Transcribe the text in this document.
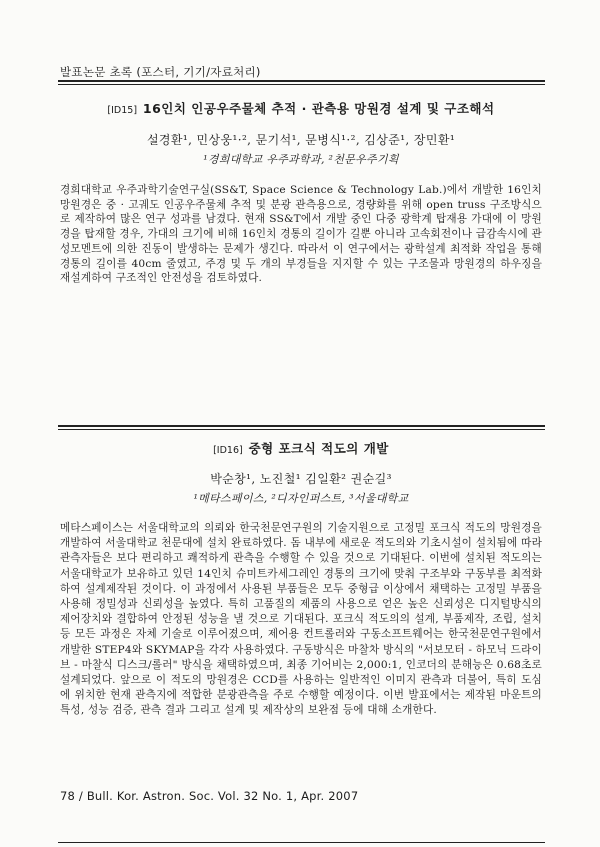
발표논문 초록 (포스터, 기기/자료처리)
[ID15] 16인치 인공우주물체 추적 · 관측용 망원경 설계 및 구조해석
설경환¹, 민상웅¹·², 문기석¹, 문병식¹·², 김상준¹, 장민환¹
¹경희대학교 우주과학과, ²천문우주기획
경희대학교 우주과학기술연구실(SS&T, Space Science & Technology Lab.)에서 개발한 16인치 망원경은 중 · 고궤도 인공우주물체 추적 및 분광 관측용으로, 경량화를 위해 open truss 구조방식으로 제작하여 많은 연구 성과를 남겼다. 현재 SS&T에서 개발 중인 다중 광학계 탑재용 가대에 이 망원경을 탑재할 경우, 가대의 크기에 비해 16인치 경통의 길이가 길뿐 아니라 고속회전이나 급감속시에 관성모멘트에 의한 진동이 발생하는 문제가 생긴다. 따라서 이 연구에서는 광학설계 최적화 작업을 통해 경통의 길이를 40cm 줄였고, 주경 및 두 개의 부경들을 지지할 수 있는 구조물과 망원경의 하우징을 재설계하여 구조적인 안전성을 검토하였다.
[ID16] 중형 포크식 적도의 개발
박순창¹, 노진철¹ 김일환² 권순길³
¹메타스페이스, ²디자인퍼스트, ³서울대학교
메타스페이스는 서울대학교의 의뢰와 한국천문연구원의 기술지원으로 고정밀 포크식 적도의 망원경을 개발하여 서울대학교 천문대에 설치 완료하였다. 돔 내부에 새로운 적도의와 기초시설이 설치됨에 따라 관측자들은 보다 편리하고 쾌적하게 관측을 수행할 수 있을 것으로 기대된다. 이번에 설치된 적도의는 서울대학교가 보유하고 있던 14인치 슈미트카세그레인 경통의 크기에 맞춰 구조부와 구동부를 최적화하여 설계제작된 것이다. 이 과정에서 사용된 부품들은 모두 중형급 이상에서 채택하는 고정밀 부품을 사용해 정밀성과 신뢰성을 높였다. 특히 고품질의 제품의 사용으로 얻은 높은 신뢰성은 디지털방식의 제어장치와 결합하여 안정된 성능을 낼 것으로 기대된다. 포크식 적도의의 설계, 부품제작, 조립, 설치 등 모든 과정은 자체 기술로 이루어졌으며, 제어용 컨트롤러와 구동소프트웨어는 한국천문연구원에서 개발한 STEP4와 SKYMAP을 각각 사용하였다. 구동방식은 마찰차 방식의 "서보모터 - 하모닉 드라이브 - 마찰식 디스크/롤러" 방식을 채택하였으며, 최종 기어비는 2,000:1, 인코더의 분해능은 0.68초로 설계되었다. 앞으로 이 적도의 망원경은 CCD를 사용하는 일반적인 이미지 관측과 더불어, 특히 도심에 위치한 현재 관측지에 적합한 분광관측을 주로 수행할 예정이다. 이번 발표에서는 제작된 마운트의 특성, 성능 검증, 관측 결과 그리고 설계 및 제작상의 보완점 등에 대해 소개한다.
78 / Bull. Kor. Astron. Soc. Vol. 32 No. 1, Apr. 2007
